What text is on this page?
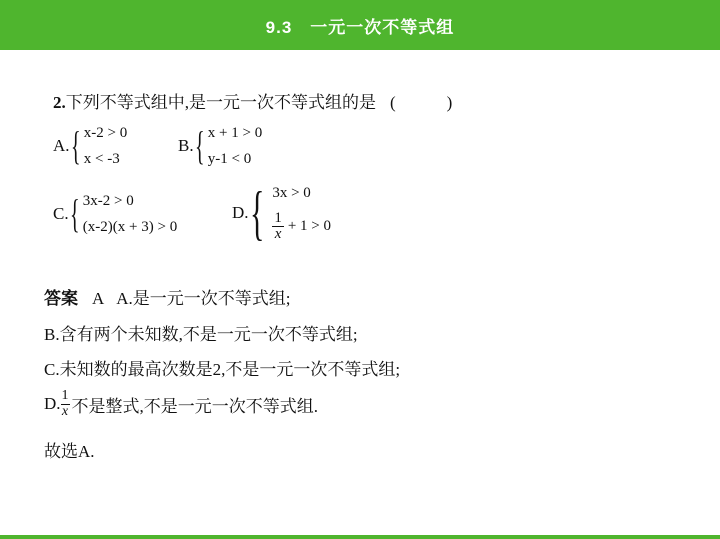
9.3　一元一次不等式组
2.下列不等式组中,是一元一次不等式组的是 (　　　)
A. { x-2 > 0
x < -3
B. { x + 1 > 0
y-1 < 0
C. { 3x-2 > 0
(x-2)(x + 3) > 0
D. { 3x > 0
$\frac{1}{x} + 1 > 0$
答案 A A.是一元一次不等式组;
B.含有两个未知数,不是一元一次不等式组;
C.未知数的最高次数是2,不是一元一次不等式组;
D. $\frac{1}{x}$ 不是整式,不是一元一次不等式组.
故选A.
